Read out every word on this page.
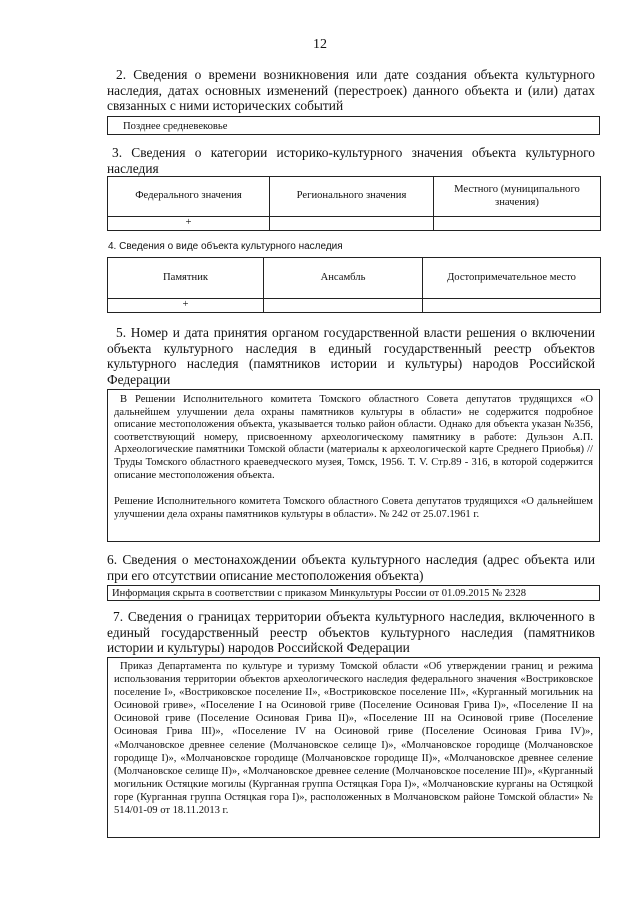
12

2. Сведения о времени возникновения или дате создания объекта культурного наследия, датах основных изменений (перестроек) данного объекта и (или) датах связанных с ними исторических событий

Позднее средневековье

3. Сведения о категории историко-культурного значения объекта культурного наследия

Федерального значения	Регионального значения	Местного (муниципального значения)
+		
4. Сведения о виде объекта культурного наследия
Памятник	Ансамбль	Достопримечательное место
+		

5. Номер и дата принятия органом государственной власти решения о включении объекта культурного наследия в единый государственный реестр объектов культурного наследия (памятников истории и культуры) народов Российской Федерации

В Решении Исполнительного комитета Томского областного Совета депутатов трудящихся «О дальнейшем улучшении дела охраны памятников культуры в области» не содержится подробное описание местоположения объекта, указывается только район области. Однако для объекта указан №356, соответствующий номеру, присвоенному археологическому памятнику в работе: Дульзон А.П. Археологические памятники Томской области (материалы к археологической карте Среднего Приобья) // Труды Томского областного краеведческого музея, Томск, 1956. Т. V. Стр.89 - 316, в которой содержится описание местоположения объекта.

Решение Исполнительного комитета Томского областного Совета депутатов трудящихся «О дальнейшем улучшении дела охраны памятников культуры в области». № 242 от 25.07.1961 г.

6. Сведения о местонахождении объекта культурного наследия (адрес объекта или при его отсутствии описание местоположения объекта)

Информация скрыта в соответствии с приказом Минкультуры России от 01.09.2015 № 2328

7. Сведения о границах территории объекта культурного наследия, включенного в единый государственный реестр объектов культурного наследия (памятников истории и культуры) народов Российской Федерации

Приказ Департамента по культуре и туризму Томской области «Об утверждении границ и режима использования территории объектов археологического наследия федерального значения «Востриковское поселение I», «Востриковское поселение II», «Востриковское поселение III», «Курганный могильник на Осиновой гриве», «Поселение I на Осиновой гриве (Поселение Осиновая Грива I)», «Поселение II на Осиновой гриве (Поселение Осиновая Грива II)», «Поселение III на Осиновой гриве (Поселение Осиновая Грива III)», «Поселение IV на Осиновой гриве (Поселение Осиновая Грива IV)», «Молчановское древнее селение (Молчановское селище I)», «Молчановское городище (Молчановское городище I)», «Молчановское городище (Молчановское городище II)», «Молчановское древнее селение (Молчановское селище II)», «Молчановское древнее селение (Молчановское поселение III)», «Курганный могильник Остяцкие могилы (Курганная группа Остяцкая Гора I)», «Молчановские курганы на Остяцкой горе (Курганная группа Остяцкая гора I)», расположенных в Молчановском районе Томской области» № 514/01-09 от 18.11.2013 г.
